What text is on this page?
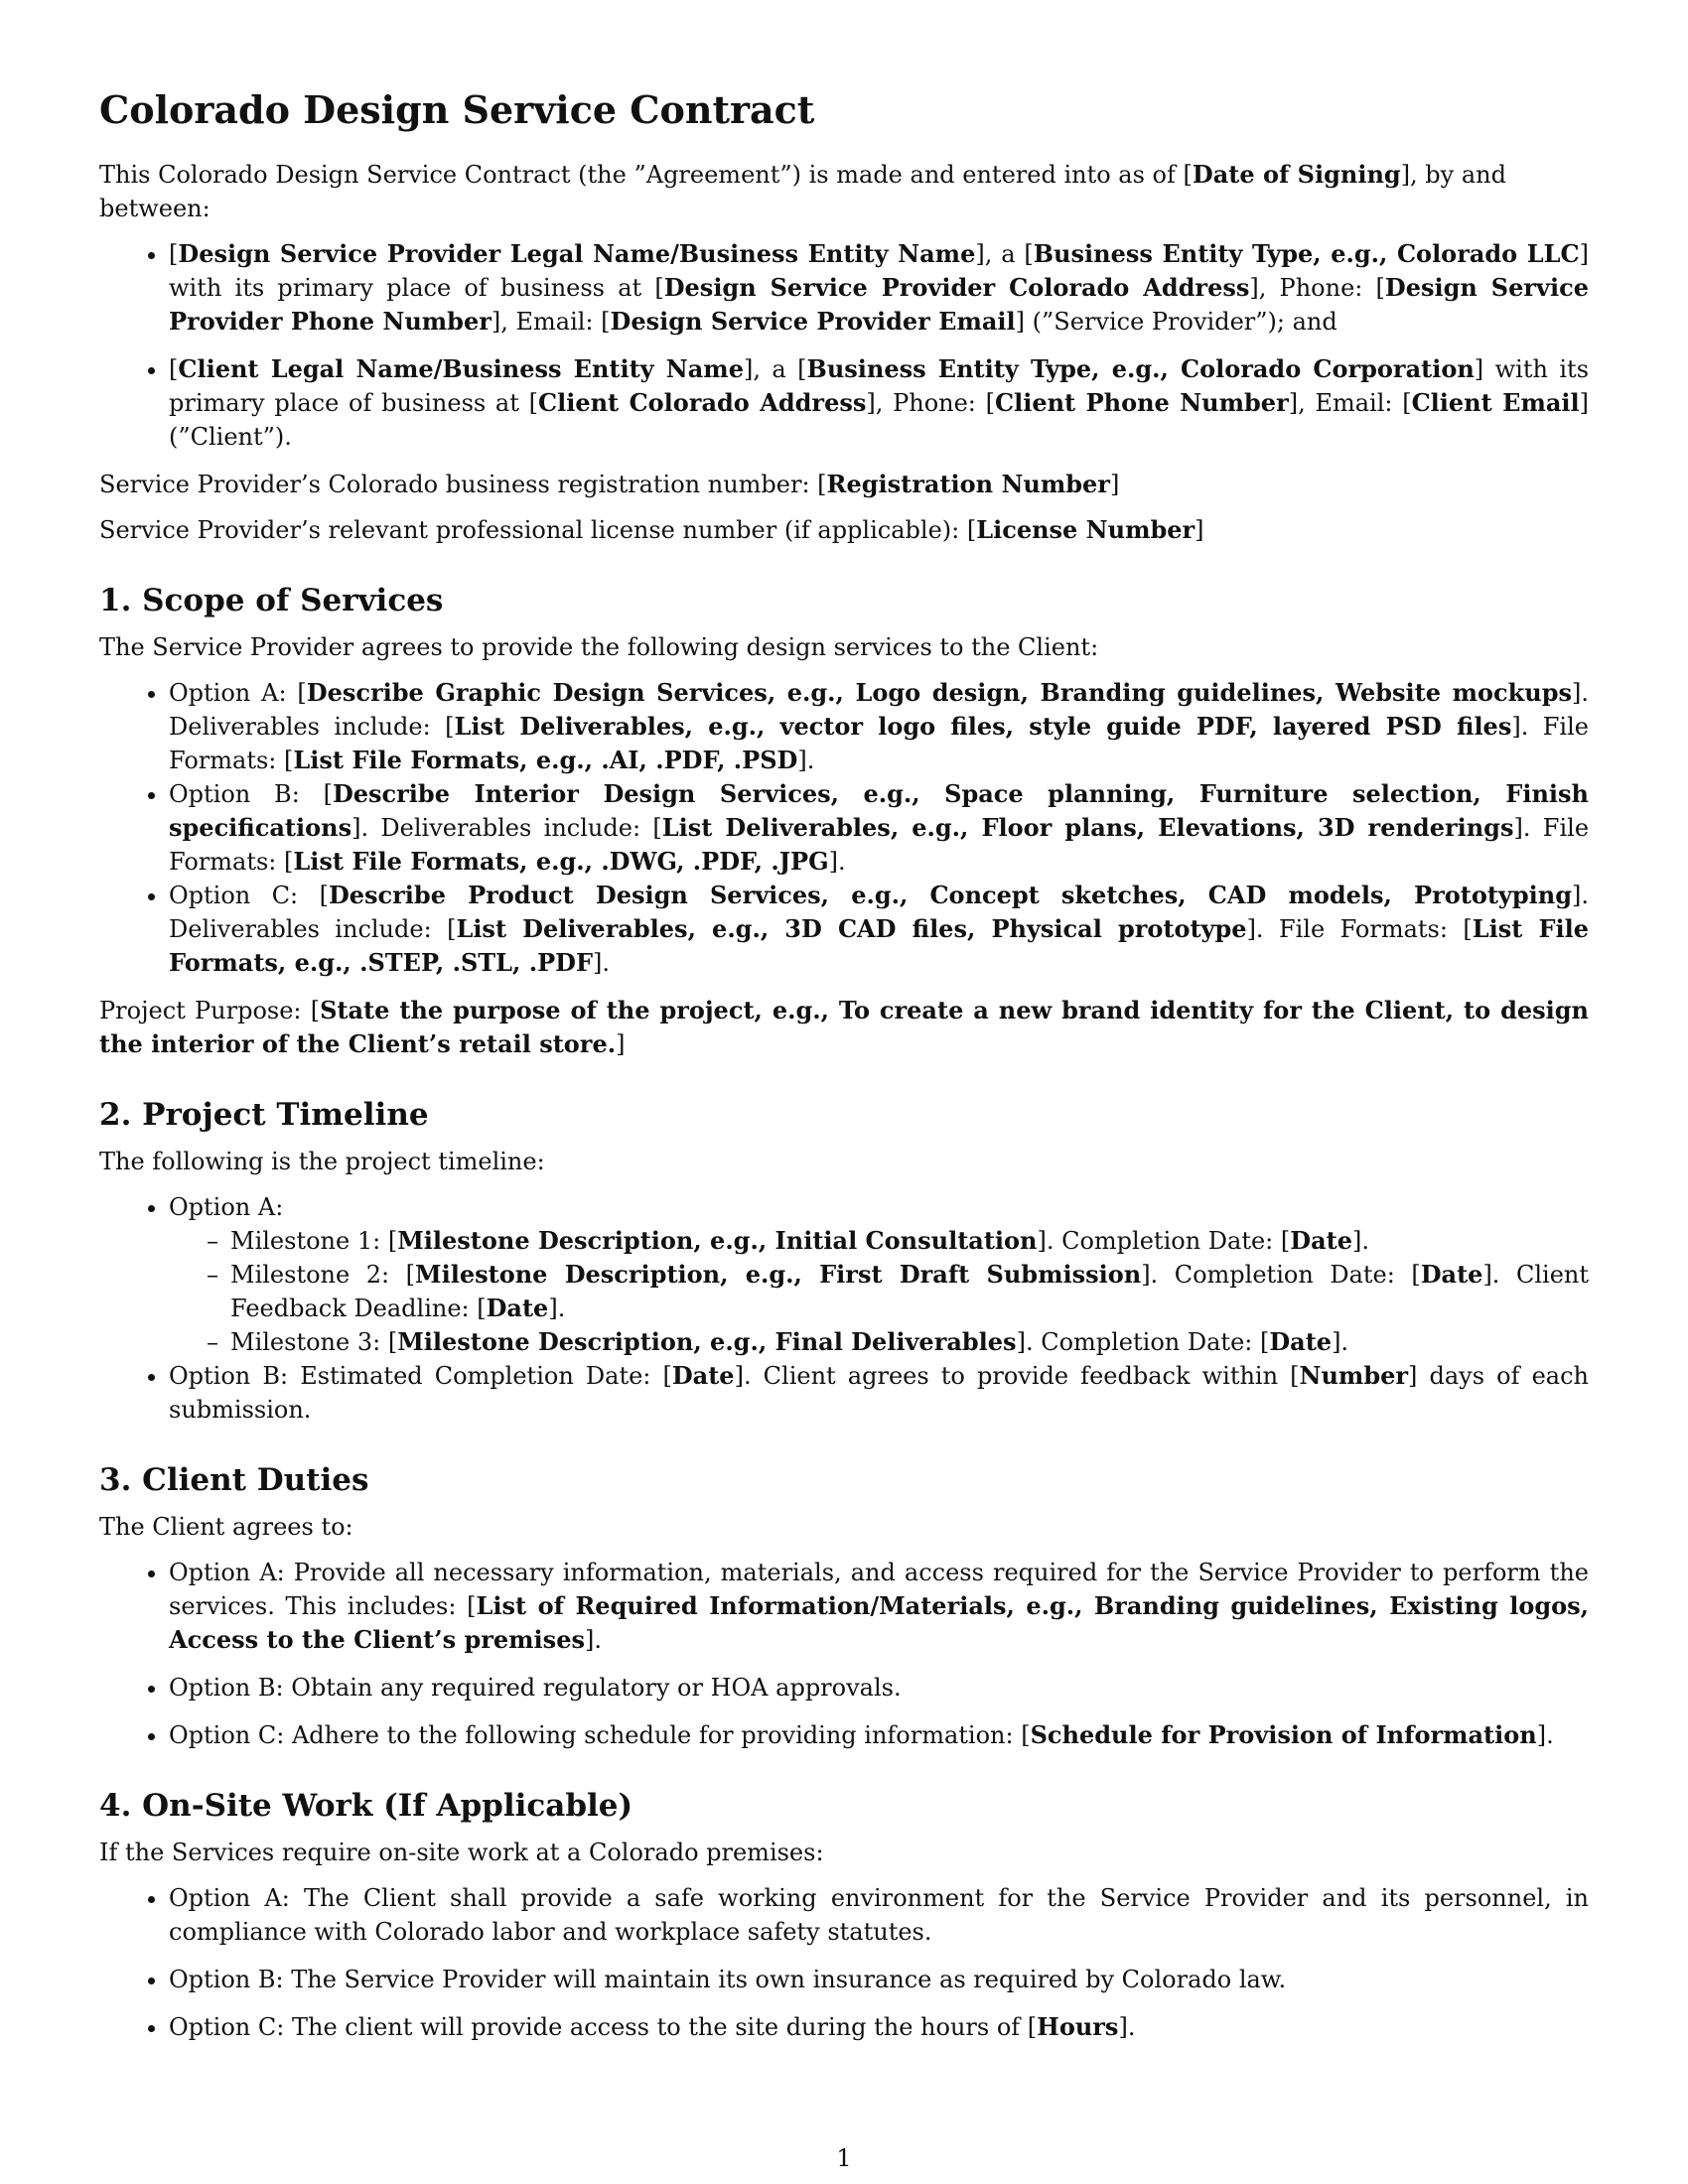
Colorado Design Service Contract

This Colorado Design Service Contract (the ”Agreement”) is made and entered into as of [Date of Signing], by and between:

• [Design Service Provider Legal Name/Business Entity Name], a [Business Entity Type, e.g., Colorado LLC] with its primary place of business at [Design Service Provider Colorado Address], Phone: [Design Service Provider Phone Number], Email: [Design Service Provider Email] (”Service Provider”); and
• [Client Legal Name/Business Entity Name], a [Business Entity Type, e.g., Colorado Corporation] with its primary place of business at [Client Colorado Address], Phone: [Client Phone Number], Email: [Client Email] (”Client”).

Service Provider’s Colorado business registration number: [Registration Number]

Service Provider’s relevant professional license number (if applicable): [License Number]

1. Scope of Services

The Service Provider agrees to provide the following design services to the Client:

• Option A: [Describe Graphic Design Services, e.g., Logo design, Branding guidelines, Website mockups]. Deliverables include: [List Deliverables, e.g., vector logo files, style guide PDF, layered PSD files]. File Formats: [List File Formats, e.g., .AI, .PDF, .PSD].
• Option B: [Describe Interior Design Services, e.g., Space planning, Furniture selection, Finish specifications]. Deliverables include: [List Deliverables, e.g., Floor plans, Elevations, 3D renderings]. File Formats: [List File Formats, e.g., .DWG, .PDF, .JPG].
• Option C: [Describe Product Design Services, e.g., Concept sketches, CAD models, Prototyping]. Deliverables include: [List Deliverables, e.g., 3D CAD files, Physical prototype]. File Formats: [List File Formats, e.g., .STEP, .STL, .PDF].

Project Purpose: [State the purpose of the project, e.g., To create a new brand identity for the Client, to design the interior of the Client’s retail store.]

2. Project Timeline

The following is the project timeline:

• Option A:
– Milestone 1: [Milestone Description, e.g., Initial Consultation]. Completion Date: [Date].
– Milestone 2: [Milestone Description, e.g., First Draft Submission]. Completion Date: [Date]. Client Feedback Deadline: [Date].
– Milestone 3: [Milestone Description, e.g., Final Deliverables]. Completion Date: [Date].
• Option B: Estimated Completion Date: [Date]. Client agrees to provide feedback within [Number] days of each submission.
3. Client Duties

The Client agrees to:

• Option A: Provide all necessary information, materials, and access required for the Service Provider to perform the services. This includes: [List of Required Information/Materials, e.g., Branding guidelines, Existing logos, Access to the Client’s premises].
• Option B: Obtain any required regulatory or HOA approvals.
• Option C: Adhere to the following schedule for providing information: [Schedule for Provision of Information].
4. On-Site Work (If Applicable)

If the Services require on-site work at a Colorado premises:

• Option A: The Client shall provide a safe working environment for the Service Provider and its personnel, in compliance with Colorado labor and workplace safety statutes.
• Option B: The Service Provider will maintain its own insurance as required by Colorado law.
• Option C: The client will provide access to the site during the hours of [Hours].
1
